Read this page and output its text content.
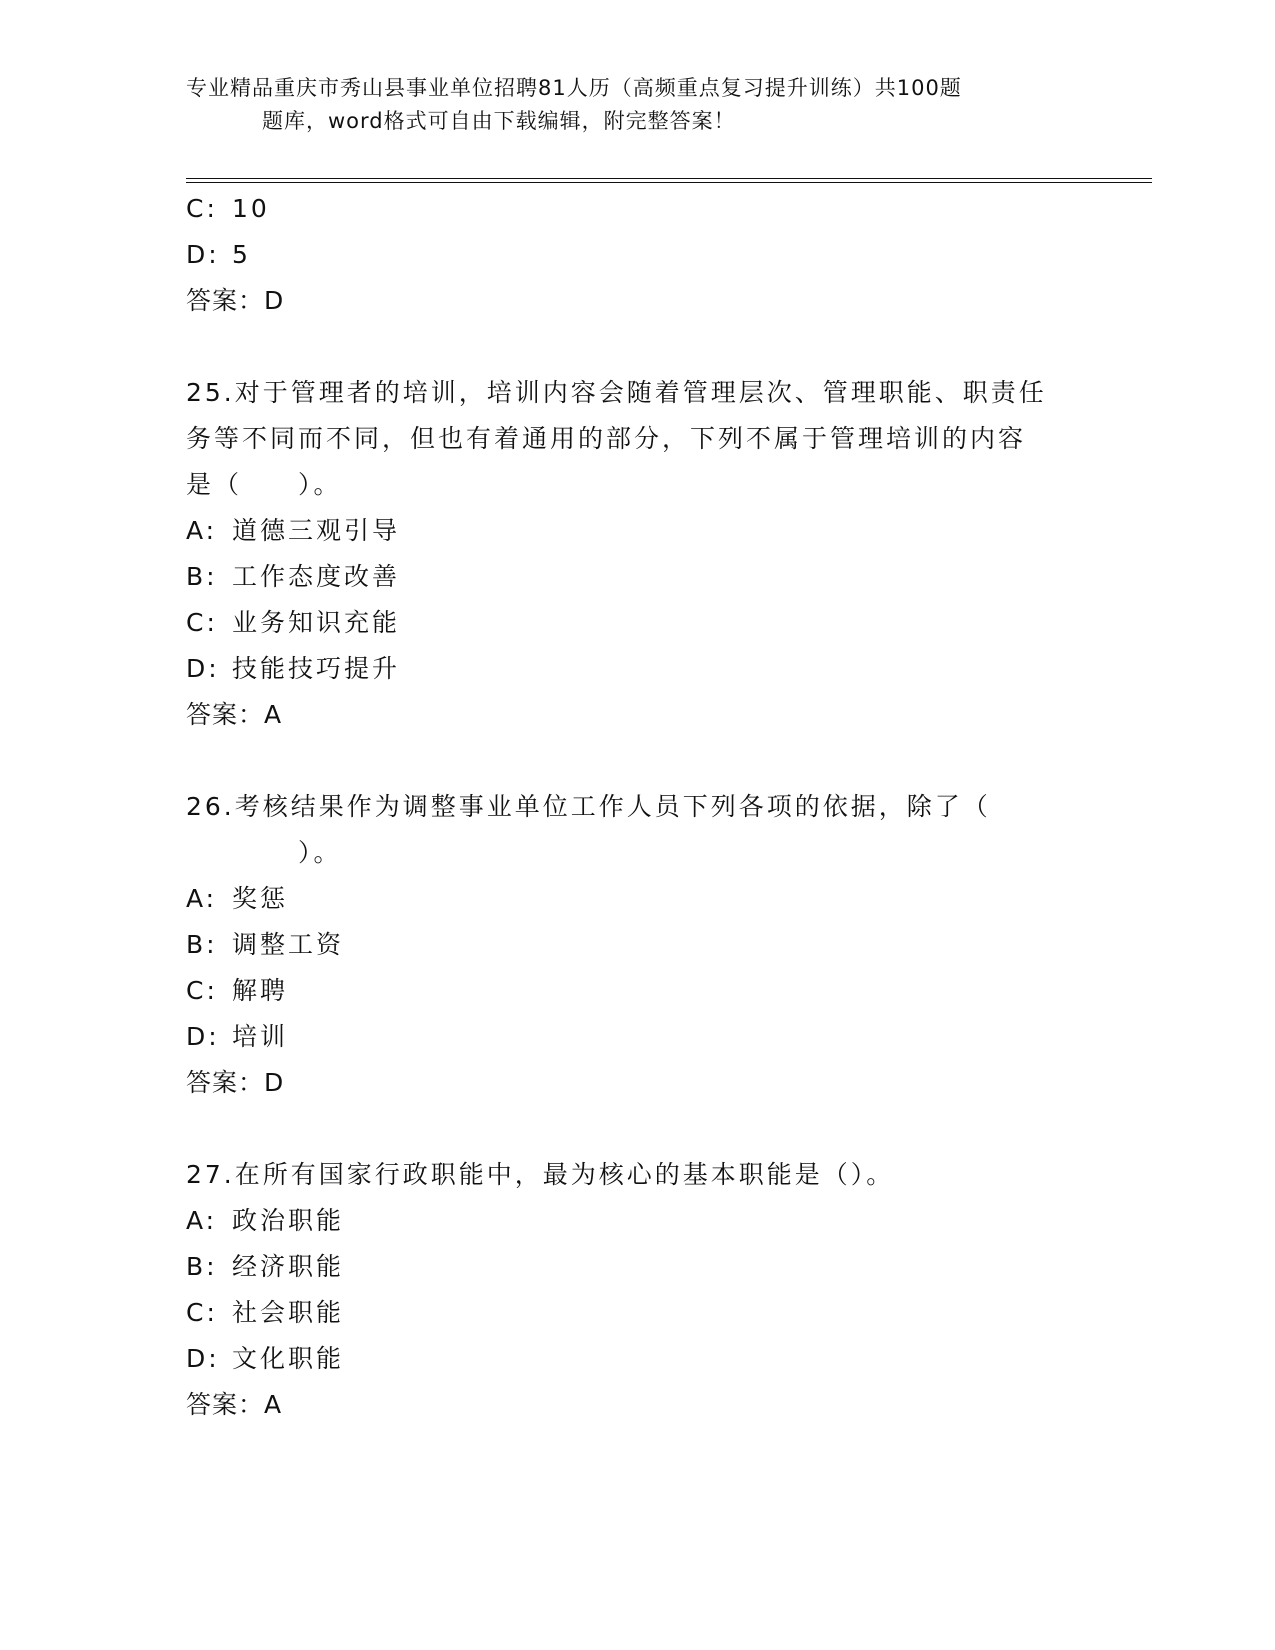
专业精品重庆市秀山县事业单位招聘81人历（高频重点复习提升训练）共100题
题库，word格式可自由下载编辑，附完整答案！
C: 10
D: 5
答案：D
25.对于管理者的培训，培训内容会随着管理层次、管理职能、职责任
务等不同而不同，但也有着通用的部分，下列不属于管理培训的内容
是（　　）。
A: 道德三观引导
B: 工作态度改善
C: 业务知识充能
D: 技能技巧提升
答案：A
26.考核结果作为调整事业单位工作人员下列各项的依据，除了（
　　　　）。
A: 奖惩
B: 调整工资
C: 解聘
D: 培训
答案：D
27.在所有国家行政职能中，最为核心的基本职能是（）。
A: 政治职能
B: 经济职能
C: 社会职能
D: 文化职能
答案：A
